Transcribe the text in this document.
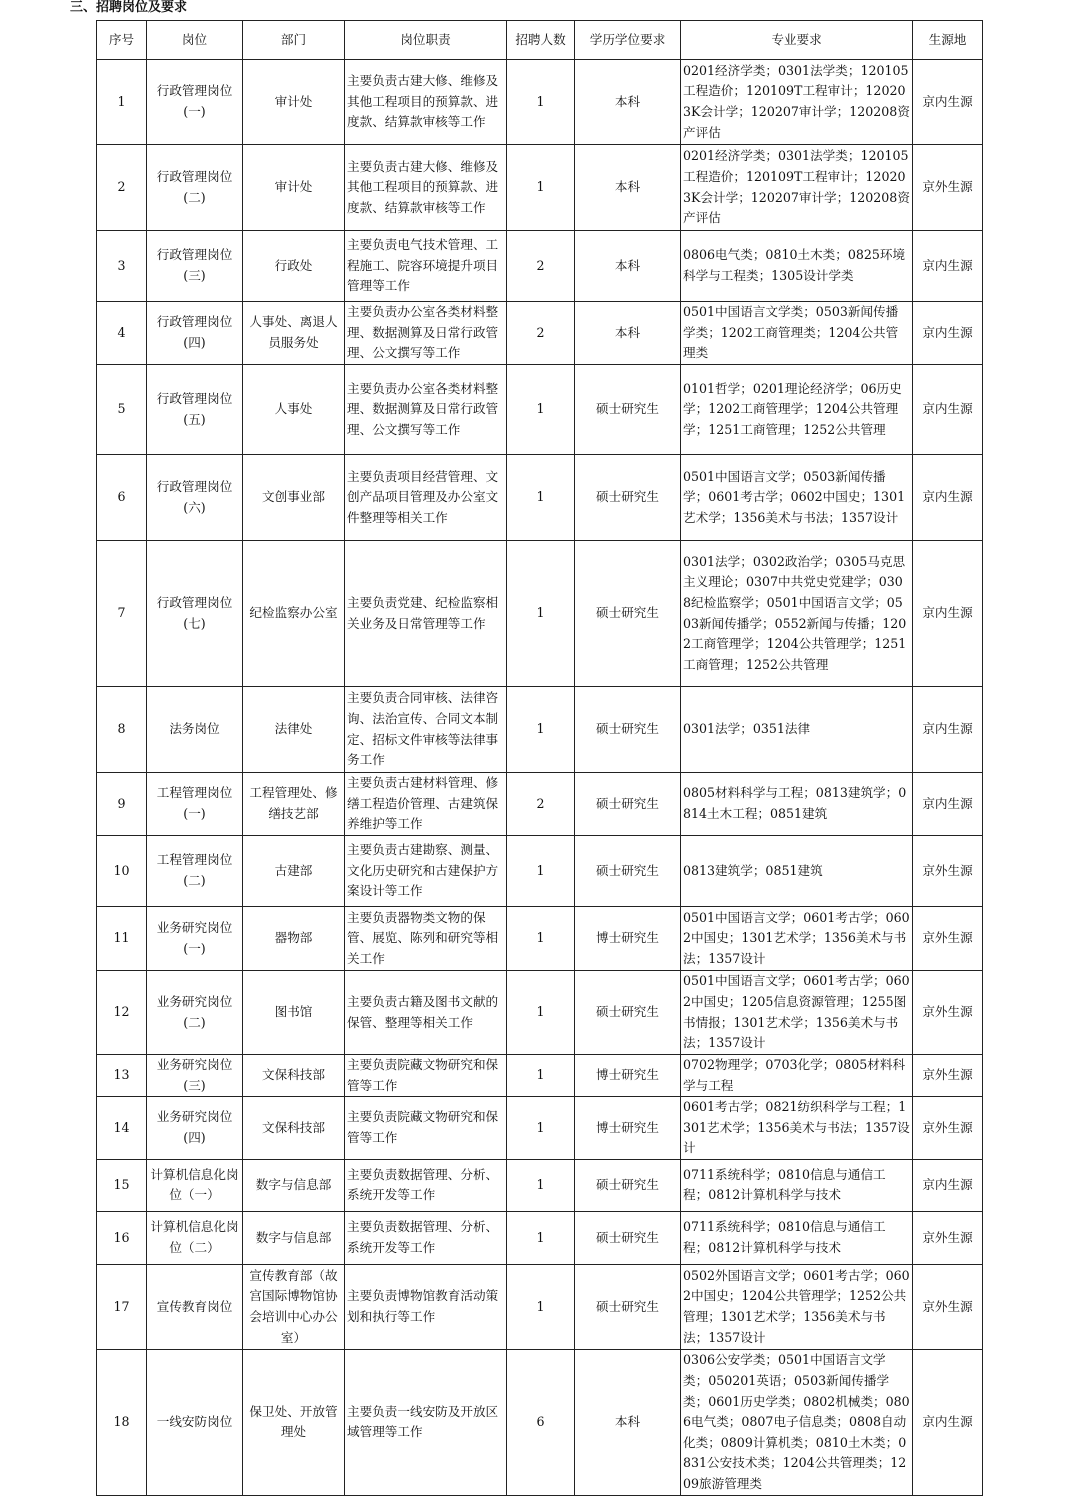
三、招聘岗位及要求
序号	岗位	部门	岗位职责	招聘人数	学历学位要求	专业要求	生源地
1	行政管理岗位(一)	审计处	主要负责古建大修、维修及其他工程项目的预算款、进度款、结算款审核等工作	1	本科	0201经济学类；0301法学类；120105工程造价；120109T工程审计；120203K会计学；120207审计学；120208资产评估	京内生源
2	行政管理岗位(二)	审计处	主要负责古建大修、维修及其他工程项目的预算款、进度款、结算款审核等工作	1	本科	0201经济学类；0301法学类；120105工程造价；120109T工程审计；120203K会计学；120207审计学；120208资产评估	京外生源
3	行政管理岗位(三)	行政处	主要负责电气技术管理、工程施工、院容环境提升项目管理等工作	2	本科	0806电气类；0810土木类；0825环境科学与工程类；1305设计学类	京内生源
4	行政管理岗位(四)	人事处、离退人员服务处	主要负责办公室各类材料整理、数据测算及日常行政管理、公文撰写等工作	2	本科	0501中国语言文学类；0503新闻传播学类；1202工商管理类；1204公共管理类	京内生源
5	行政管理岗位(五)	人事处	主要负责办公室各类材料整理、数据测算及日常行政管理、公文撰写等工作	1	硕士研究生	0101哲学；0201理论经济学；06历史学；1202工商管理学；1204公共管理学；1251工商管理；1252公共管理	京内生源
6	行政管理岗位(六)	文创事业部	主要负责项目经营管理、文创产品项目管理及办公室文件整理等相关工作	1	硕士研究生	0501中国语言文学；0503新闻传播学；0601考古学；0602中国史；1301艺术学；1356美术与书法；1357设计	京内生源
7	行政管理岗位(七)	纪检监察办公室	主要负责党建、纪检监察相关业务及日常管理等工作	1	硕士研究生	0301法学；0302政治学；0305马克思主义理论；0307中共党史党建学；0308纪检监察学；0501中国语言文学；0503新闻传播学；0552新闻与传播；1202工商管理学；1204公共管理学；1251工商管理；1252公共管理	京内生源
8	法务岗位	法律处	主要负责合同审核、法律咨询、法治宣传、合同文本制定、招标文件审核等法律事务工作	1	硕士研究生	0301法学；0351法律	京内生源
9	工程管理岗位(一)	工程管理处、修缮技艺部	主要负责古建材料管理、修缮工程造价管理、古建筑保养维护等工作	2	硕士研究生	0805材料科学与工程；0813建筑学；0814土木工程；0851建筑	京内生源
10	工程管理岗位(二)	古建部	主要负责古建勘察、测量、文化历史研究和古建保护方案设计等工作	1	硕士研究生	0813建筑学；0851建筑	京外生源
11	业务研究岗位(一)	器物部	主要负责器物类文物的保管、展览、陈列和研究等相关工作	1	博士研究生	0501中国语言文学；0601考古学；0602中国史；1301艺术学；1356美术与书法；1357设计	京外生源
12	业务研究岗位(二)	图书馆	主要负责古籍及图书文献的保管、整理等相关工作	1	硕士研究生	0501中国语言文学；0601考古学；0602中国史；1205信息资源管理；1255图书情报；1301艺术学；1356美术与书法；1357设计	京外生源
13	业务研究岗位(三)	文保科技部	主要负责院藏文物研究和保管等工作	1	博士研究生	0702物理学；0703化学；0805材料科学与工程	京外生源
14	业务研究岗位(四)	文保科技部	主要负责院藏文物研究和保管等工作	1	博士研究生	0601考古学；0821纺织科学与工程；1301艺术学；1356美术与书法；1357设计	京外生源
15	计算机信息化岗位（一）	数字与信息部	主要负责数据管理、分析、系统开发等工作	1	硕士研究生	0711系统科学；0810信息与通信工程；0812计算机科学与技术	京内生源
16	计算机信息化岗位（二）	数字与信息部	主要负责数据管理、分析、系统开发等工作	1	硕士研究生	0711系统科学；0810信息与通信工程；0812计算机科学与技术	京外生源
17	宣传教育岗位	宣传教育部（故宫国际博物馆协会培训中心办公室）	主要负责博物馆教育活动策划和执行等工作	1	硕士研究生	0502外国语言文学；0601考古学；0602中国史；1204公共管理学；1252公共管理；1301艺术学；1356美术与书法；1357设计	京外生源
18	一线安防岗位	保卫处、开放管理处	主要负责一线安防及开放区域管理等工作	6	本科	0306公安学类；0501中国语言文学类；050201英语；0503新闻传播学类；0601历史学类；0802机械类；0806电气类；0807电子信息类；0808自动化类；0809计算机类；0810土木类；0831公安技术类；1204公共管理类；1209旅游管理类	京内生源
